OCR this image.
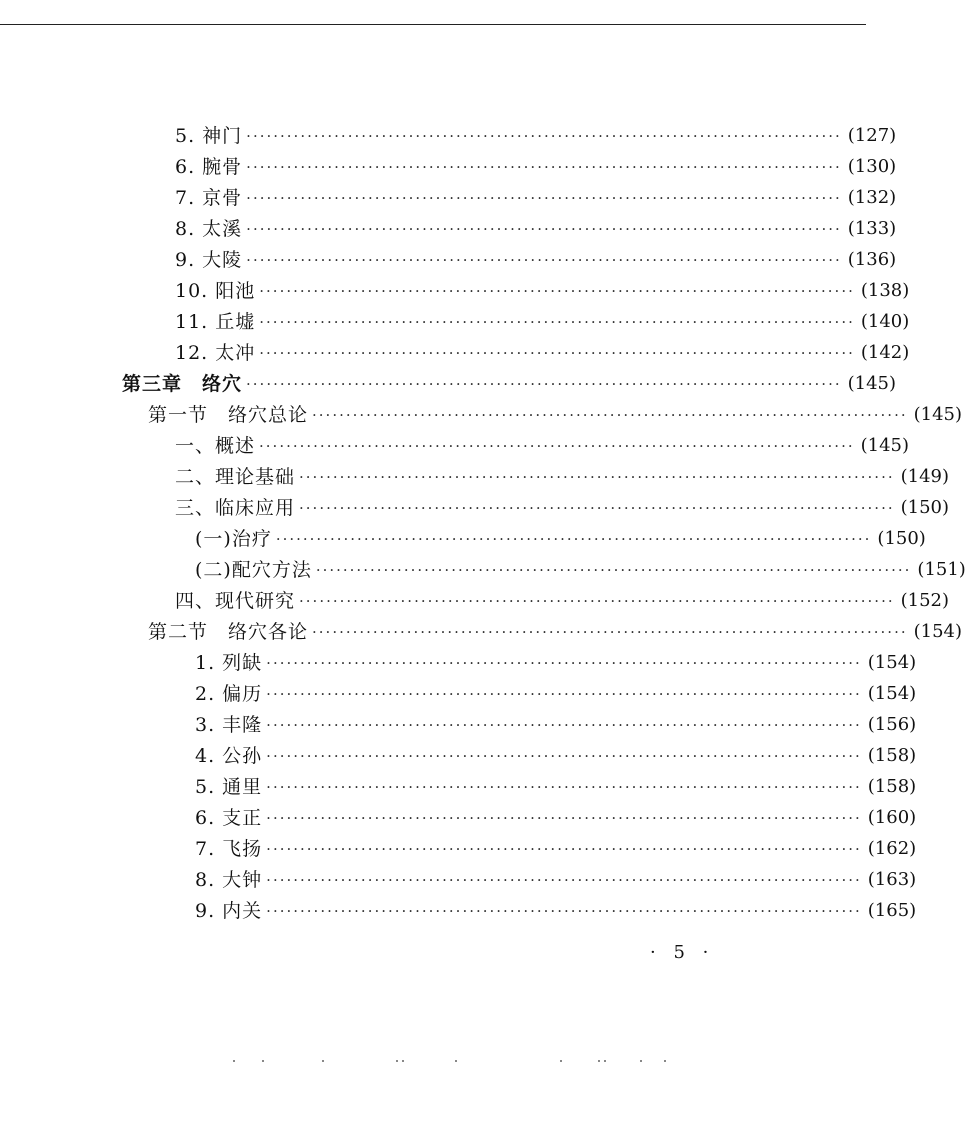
5. 神门 ························································································ (127)
6. 腕骨 ························································································ (130)
7. 京骨 ························································································ (132)
8. 太溪 ························································································ (133)
9. 大陵 ························································································ (136)
10. 阳池 ························································································ (138)
11. 丘墟 ························································································ (140)
12. 太冲 ························································································ (142)
第三章　络穴 ························································································ (145)
第一节　络穴总论 ························································································ (145)
一、概述 ························································································ (145)
二、理论基础 ························································································ (149)
三、临床应用 ························································································ (150)
(一)治疗 ························································································ (150)
(二)配穴方法 ························································································ (151)
四、现代研究 ························································································ (152)
第二节　络穴各论 ························································································ (154)
1. 列缺 ························································································ (154)
2. 偏历 ························································································ (154)
3. 丰隆 ························································································ (156)
4. 公孙 ························································································ (158)
5. 通里 ························································································ (158)
6. 支正 ························································································ (160)
7. 飞扬 ························································································ (162)
8. 大钟 ························································································ (163)
9. 内关 ························································································ (165)
· 5 ·
